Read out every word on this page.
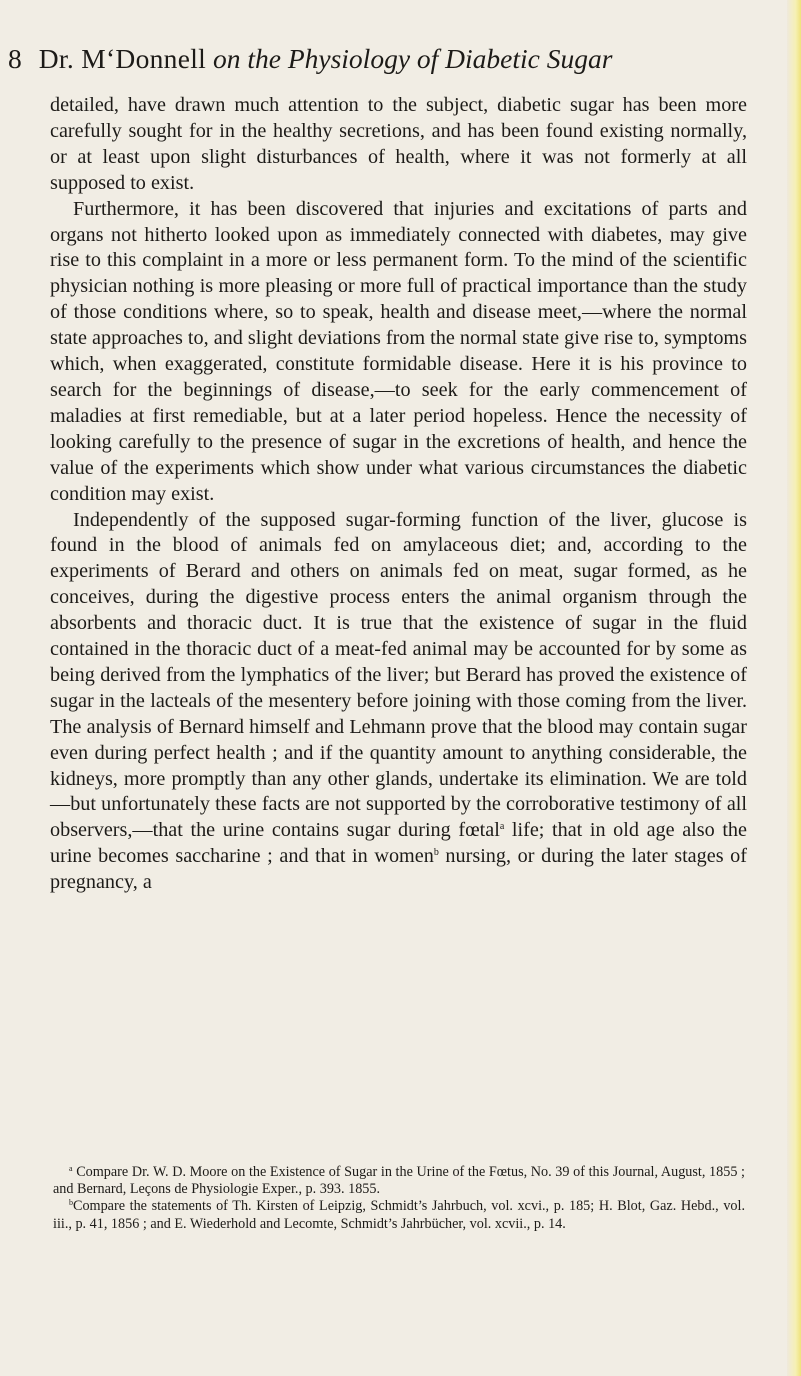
8 Dr. M‘Donnell on the Physiology of Diabetic Sugar

detailed, have drawn much attention to the subject, diabetic sugar has been more carefully sought for in the healthy secretions, and has been found existing normally, or at least upon slight disturbances of health, where it was not formerly at all supposed to exist.

Furthermore, it has been discovered that injuries and excitations of parts and organs not hitherto looked upon as immediately connected with diabetes, may give rise to this complaint in a more or less permanent form. To the mind of the scientific physician nothing is more pleasing or more full of practical importance than the study of those conditions where, so to speak, health and disease meet,—where the normal state approaches to, and slight deviations from the normal state give rise to, symptoms which, when exaggerated, constitute formidable disease. Here it is his province to search for the beginnings of disease,—to seek for the early commencement of maladies at first remediable, but at a later period hopeless. Hence the necessity of looking carefully to the presence of sugar in the excretions of health, and hence the value of the experiments which show under what various circumstances the diabetic condition may exist.

Independently of the supposed sugar-forming function of the liver, glucose is found in the blood of animals fed on amylaceous diet; and, according to the experiments of Berard and others on animals fed on meat, sugar formed, as he conceives, during the digestive process enters the animal organism through the absorbents and thoracic duct. It is true that the existence of sugar in the fluid contained in the thoracic duct of a meat-fed animal may be accounted for by some as being derived from the lymphatics of the liver; but Berard has proved the existence of sugar in the lacteals of the mesentery before joining with those coming from the liver. The analysis of Bernard himself and Lehmann prove that the blood may contain sugar even during perfect health ; and if the quantity amount to anything considerable, the kidneys, more promptly than any other glands, undertake its elimination. We are told—but unfortunately these facts are not supported by the corroborative testimony of all observers,—that the urine contains sugar during fœtal$^a$ life; that in old age also the urine becomes saccharine ; and that in women$^b$ nursing, or during the later stages of pregnancy, a

$^a$ Compare Dr. W. D. Moore on the Existence of Sugar in the Urine of the Fœtus, No. 39 of this Journal, August, 1855 ; and Bernard, Leçons de Physiologie Exper., p. 393. 1855.

$^b$Compare the statements of Th. Kirsten of Leipzig, Schmidt’s Jahrbuch, vol. xcvi., p. 185; H. Blot, Gaz. Hebd., vol. iii., p. 41, 1856 ; and E. Wiederhold and Lecomte, Schmidt’s Jahrbücher, vol. xcvii., p. 14.
